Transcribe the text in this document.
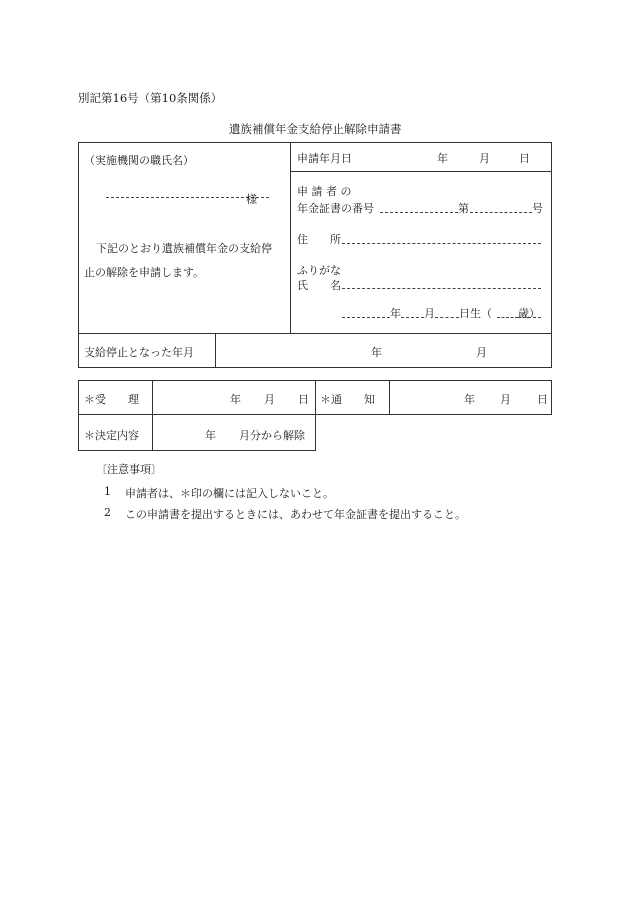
別記第16号（第10条関係）
遺族補償年金支給停止解除申請書
（実施機関の職氏名）
様
下記のとおり遺族補償年金の支給停
止の解除を申請します。
申請年月日	年	月	日
申 請 者 の
年金証書の番号	第	号
住　　所
ふりがな
氏　　名
年 月 日生（ 歳）
支給停止となった年月	年	月
＊受　　理	年 月 日 ＊通　　知	年 月 日
＊決定内容	年 月分から解除
〔注意事項〕
1 申請者は、＊印の欄には記入しないこと。
2 この申請書を提出するときには、あわせて年金証書を提出すること。
